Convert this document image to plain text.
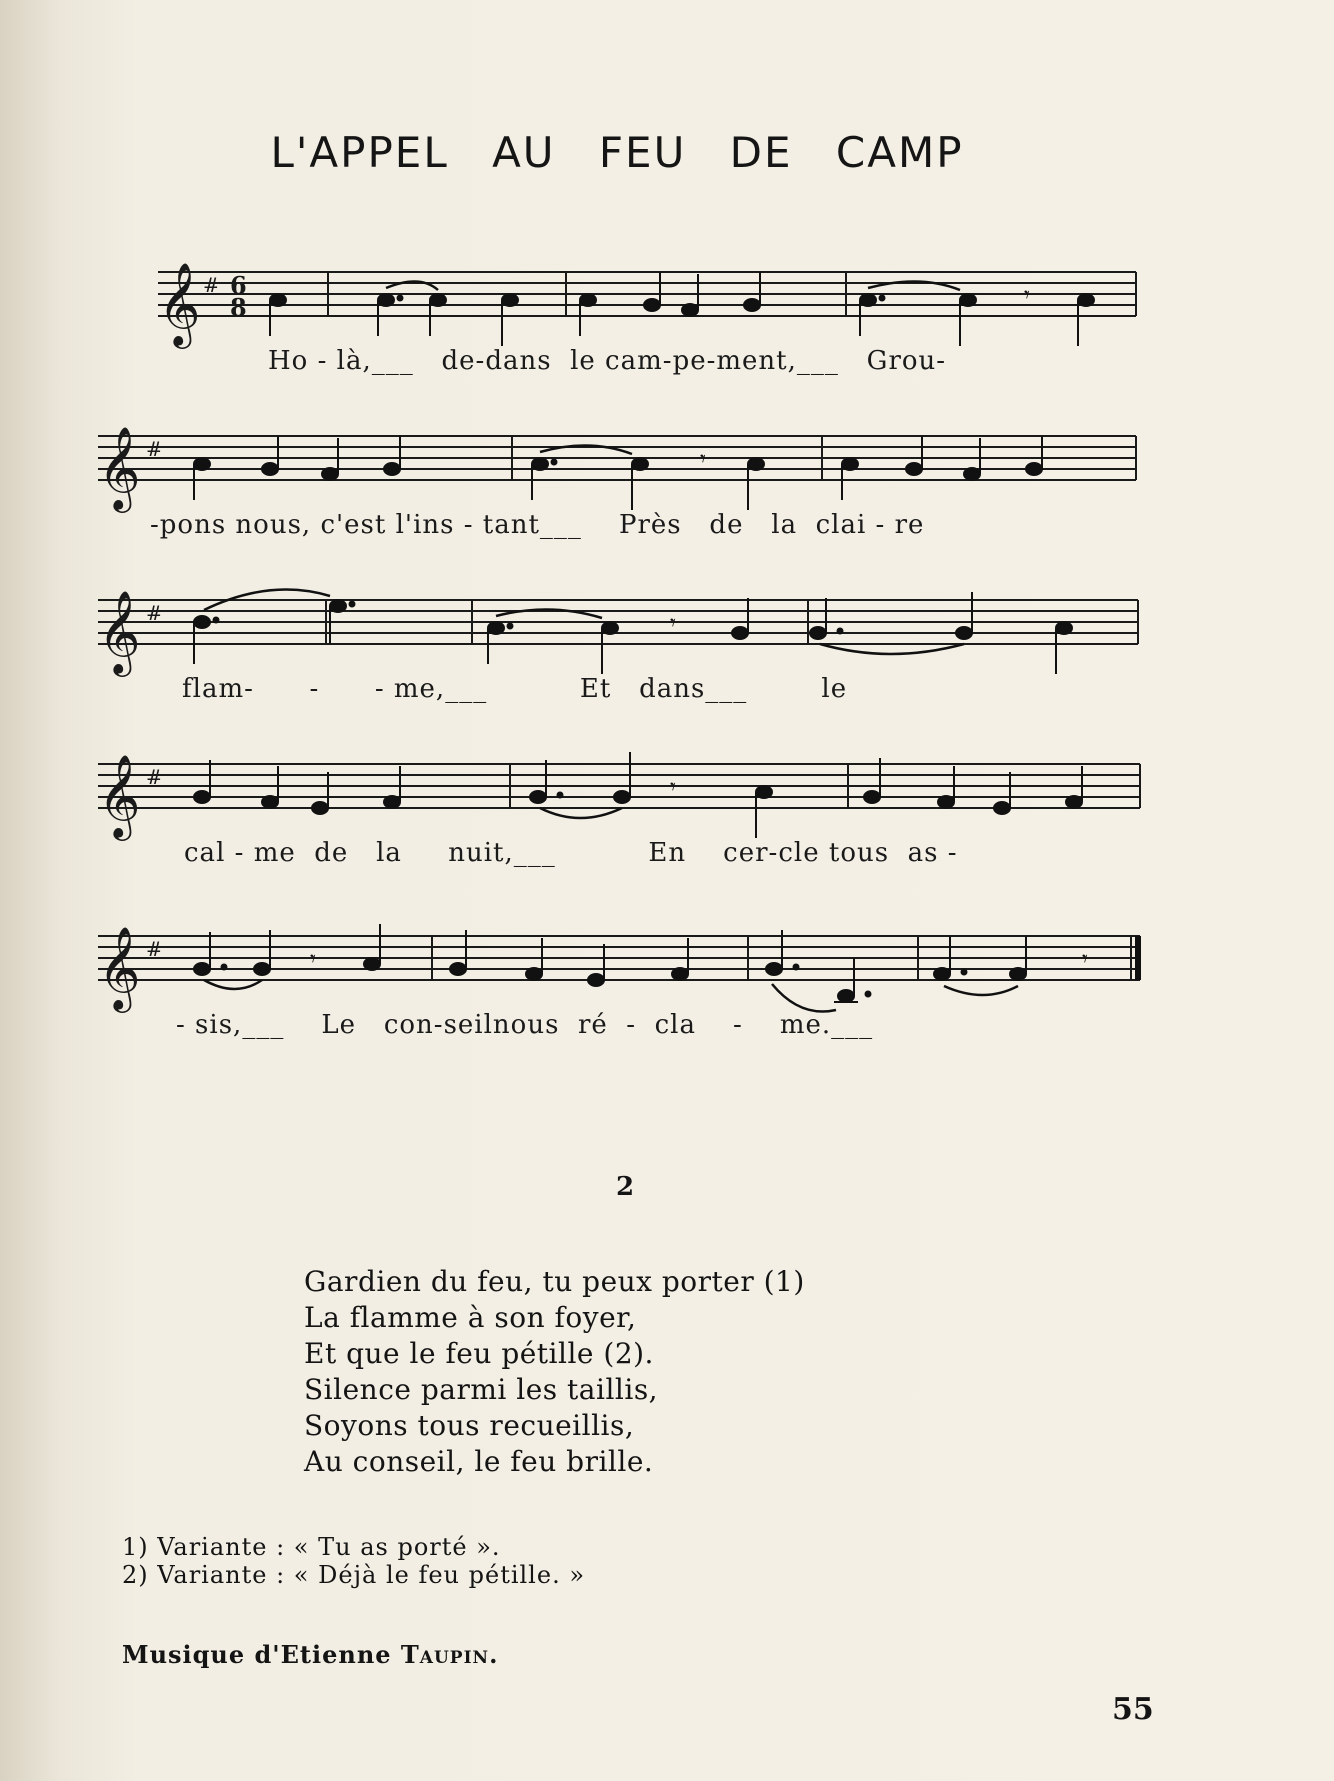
L'APPEL AU FEU DE CAMP
𝄞 # 6
8	𝄾
Ho - là,___   de-dans  le cam-pe-ment,___   Grou-
𝄞 #	𝄾
-pons nous, c'est l'ins - tant___    Près   de   la  clai - re
𝄞 #	𝄾
flam-      -      - me,___          Et   dans___        le
𝄞 #	𝄾
cal - me  de   la     nuit,___          En    cer-cle tous  as -
𝄞 #	𝄾	𝄾
- sis,___    Le   con-seilnous  ré  -  cla    -    me.___
2
Gardien du feu, tu peux porter (1)
La flamme à son foyer,
Et que le feu pétille (2).
Silence parmi les taillis,
Soyons tous recueillis,
Au conseil, le feu brille.
1) Variante : « Tu as porté ».
2) Variante : « Déjà le feu pétille. »
Musique d'Etienne Taupin.
55
